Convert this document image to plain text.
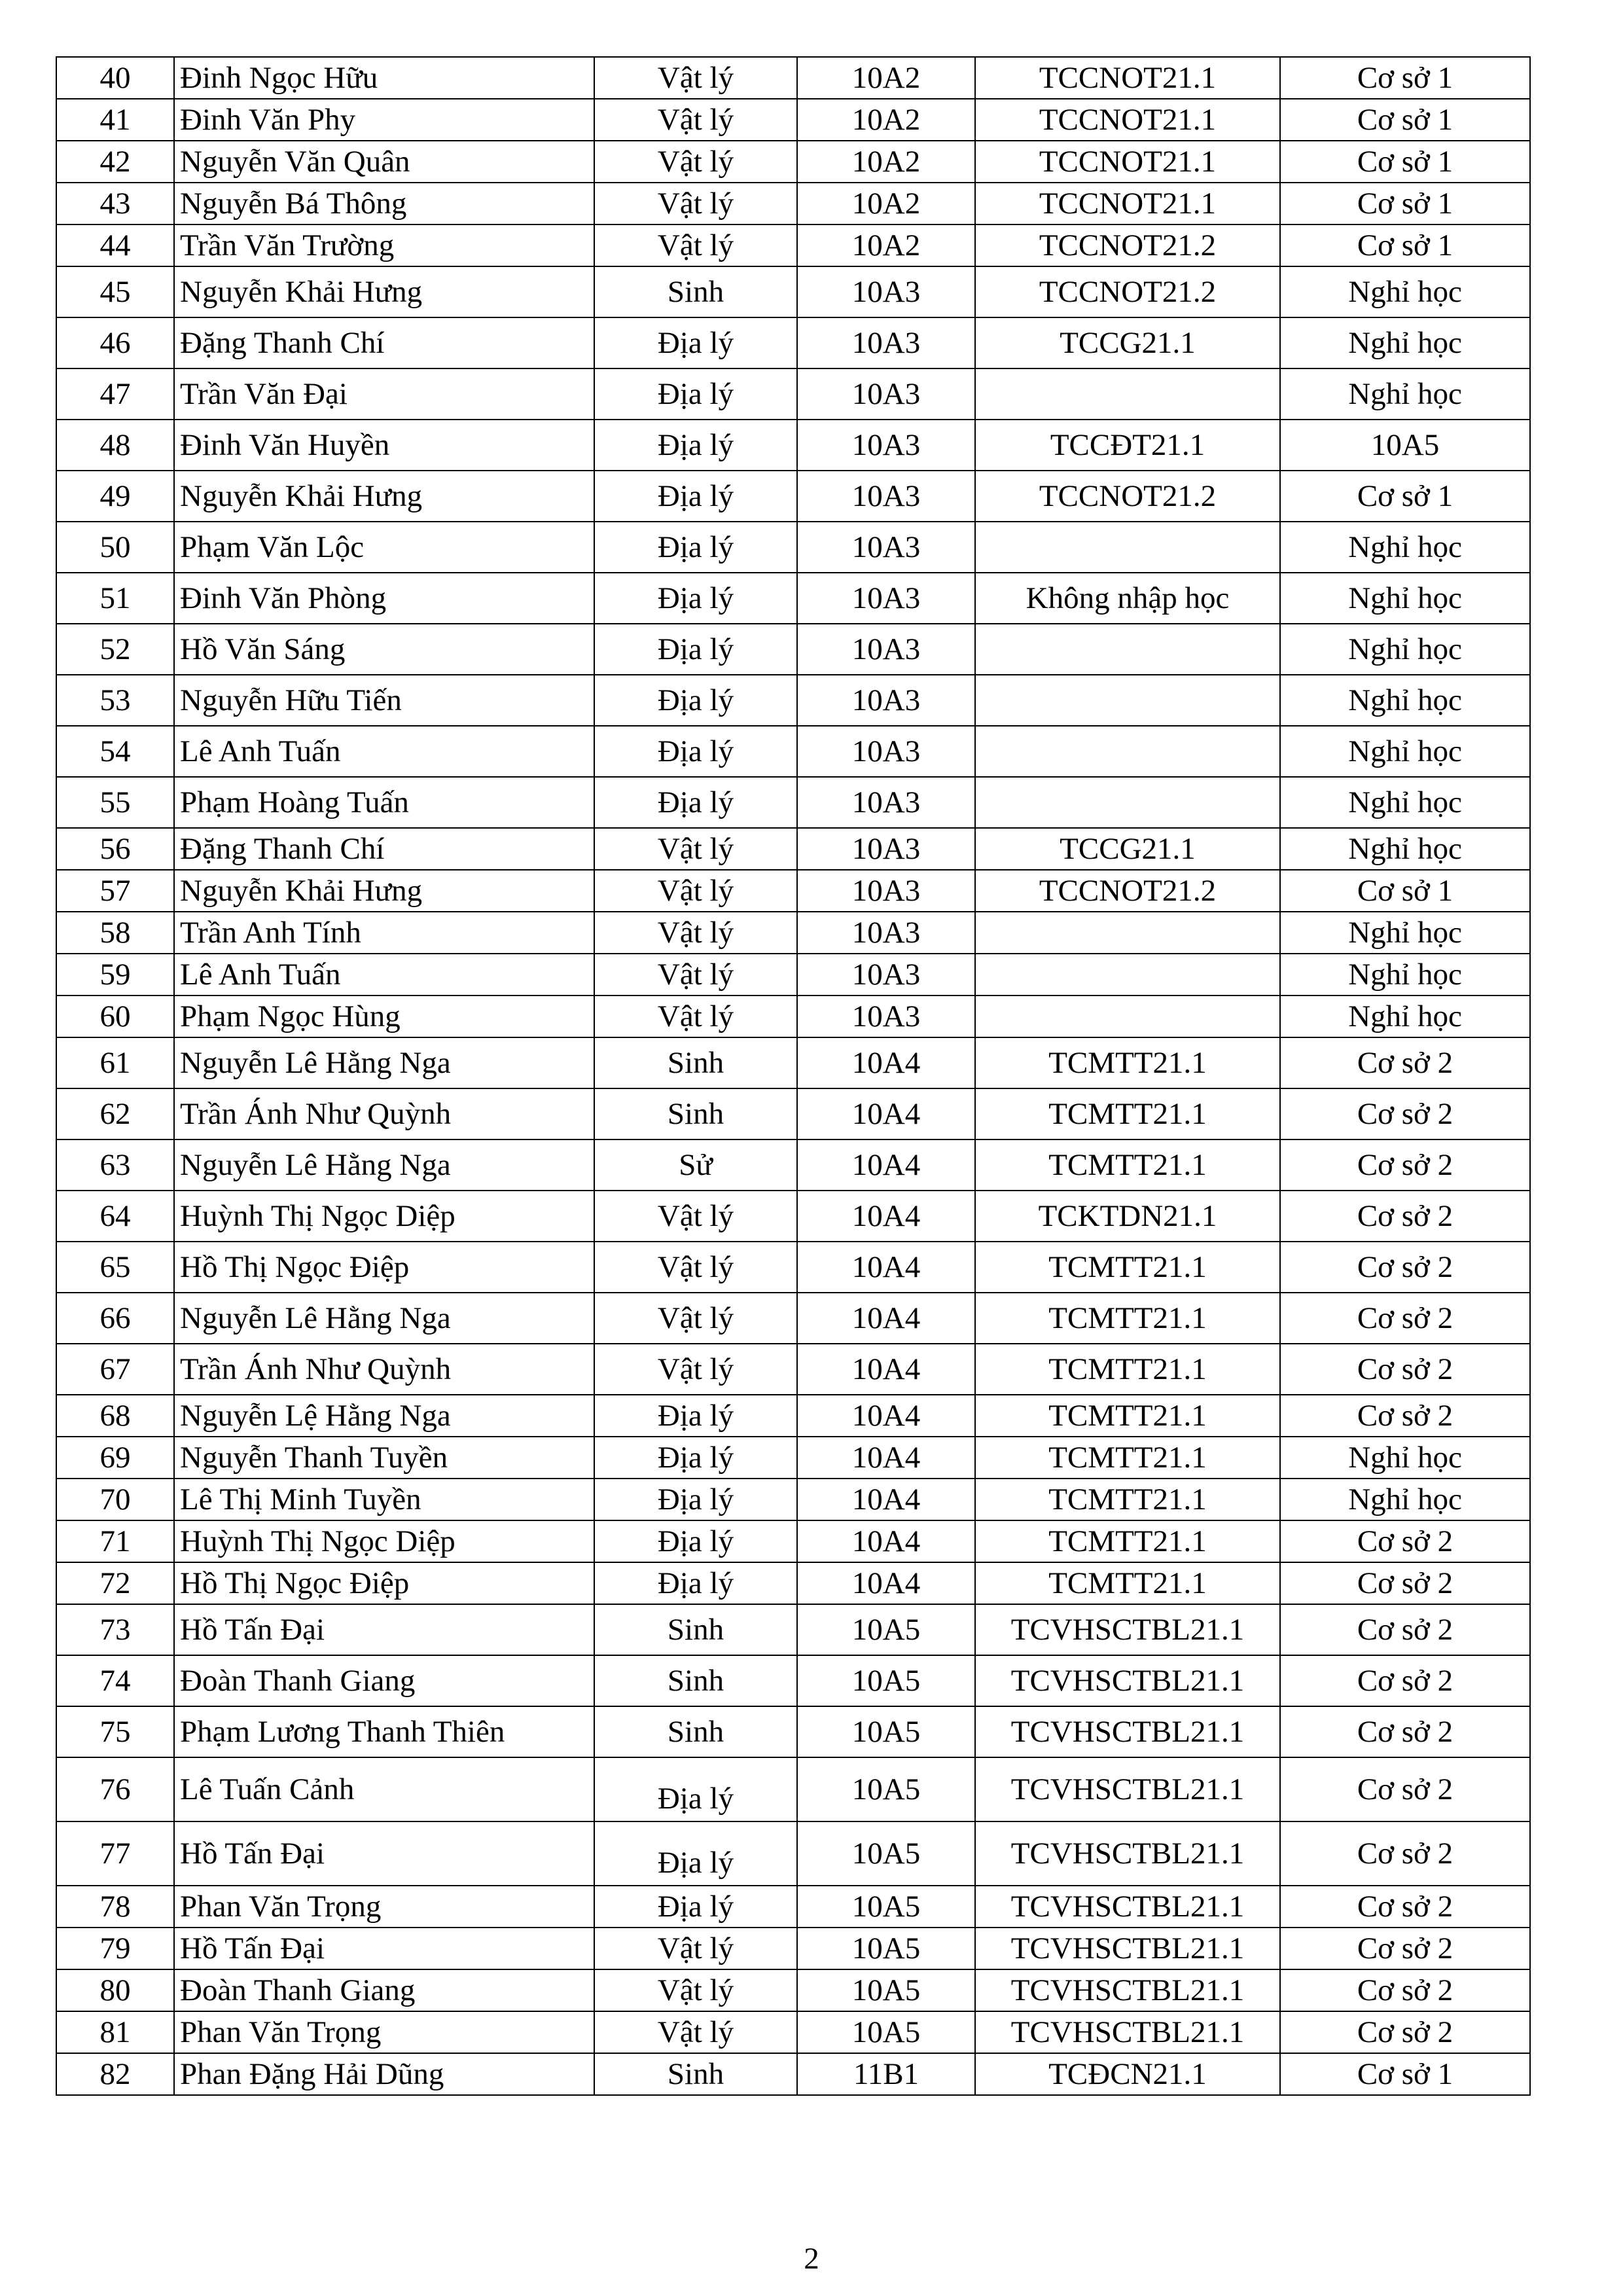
40	Đinh Ngọc Hữu	Vật lý	10A2	TCCNOT21.1	Cơ sở 1
41	Đinh Văn Phy	Vật lý	10A2	TCCNOT21.1	Cơ sở 1
42	Nguyễn Văn Quân	Vật lý	10A2	TCCNOT21.1	Cơ sở 1
43	Nguyễn Bá Thông	Vật lý	10A2	TCCNOT21.1	Cơ sở 1
44	Trần Văn Trường	Vật lý	10A2	TCCNOT21.2	Cơ sở 1
45	Nguyễn Khải Hưng	Sinh	10A3	TCCNOT21.2	Nghỉ học
46	Đặng Thanh Chí	Địa lý	10A3	TCCG21.1	Nghỉ học
47	Trần Văn Đại	Địa lý	10A3		Nghỉ học
48	Đinh Văn Huyền	Địa lý	10A3	TCCĐT21.1	10A5
49	Nguyễn Khải Hưng	Địa lý	10A3	TCCNOT21.2	Cơ sở 1
50	Phạm Văn Lộc	Địa lý	10A3		Nghỉ học
51	Đinh Văn Phòng	Địa lý	10A3	Không nhập học	Nghỉ học
52	Hồ Văn Sáng	Địa lý	10A3		Nghỉ học
53	Nguyễn Hữu Tiến	Địa lý	10A3		Nghỉ học
54	Lê Anh Tuấn	Địa lý	10A3		Nghỉ học
55	Phạm Hoàng Tuấn	Địa lý	10A3		Nghỉ học
56	Đặng Thanh Chí	Vật lý	10A3	TCCG21.1	Nghỉ học
57	Nguyễn Khải Hưng	Vật lý	10A3	TCCNOT21.2	Cơ sở 1
58	Trần Anh Tính	Vật lý	10A3		Nghỉ học
59	Lê Anh Tuấn	Vật lý	10A3		Nghỉ học
60	Phạm Ngọc Hùng	Vật lý	10A3		Nghỉ học
61	Nguyễn Lê Hằng Nga	Sinh	10A4	TCMTT21.1	Cơ sở 2
62	Trần Ánh Như Quỳnh	Sinh	10A4	TCMTT21.1	Cơ sở 2
63	Nguyễn Lê Hằng Nga	Sử	10A4	TCMTT21.1	Cơ sở 2
64	Huỳnh Thị Ngọc Diệp	Vật lý	10A4	TCKTDN21.1	Cơ sở 2
65	Hồ Thị Ngọc Điệp	Vật lý	10A4	TCMTT21.1	Cơ sở 2
66	Nguyễn Lê Hằng Nga	Vật lý	10A4	TCMTT21.1	Cơ sở 2
67	Trần Ánh Như Quỳnh	Vật lý	10A4	TCMTT21.1	Cơ sở 2
68	Nguyễn Lệ Hằng Nga	Địa lý	10A4	TCMTT21.1	Cơ sở 2
69	Nguyễn Thanh Tuyền	Địa lý	10A4	TCMTT21.1	Nghỉ học
70	Lê Thị Minh Tuyền	Địa lý	10A4	TCMTT21.1	Nghỉ học
71	Huỳnh Thị Ngọc Diệp	Địa lý	10A4	TCMTT21.1	Cơ sở 2
72	Hồ Thị Ngọc Điệp	Địa lý	10A4	TCMTT21.1	Cơ sở 2
73	Hồ Tấn Đại	Sinh	10A5	TCVHSCTBL21.1	Cơ sở 2
74	Đoàn Thanh Giang	Sinh	10A5	TCVHSCTBL21.1	Cơ sở 2
75	Phạm Lương Thanh Thiên	Sinh	10A5	TCVHSCTBL21.1	Cơ sở 2
76	Lê Tuấn Cảnh	Địa lý	10A5	TCVHSCTBL21.1	Cơ sở 2
77	Hồ Tấn Đại	Địa lý	10A5	TCVHSCTBL21.1	Cơ sở 2
78	Phan Văn Trọng	Địa lý	10A5	TCVHSCTBL21.1	Cơ sở 2
79	Hồ Tấn Đại	Vật lý	10A5	TCVHSCTBL21.1	Cơ sở 2
80	Đoàn Thanh Giang	Vật lý	10A5	TCVHSCTBL21.1	Cơ sở 2
81	Phan Văn Trọng	Vật lý	10A5	TCVHSCTBL21.1	Cơ sở 2
82	Phan Đặng Hải Dũng	Sinh	11B1	TCĐCN21.1	Cơ sở 1
2
